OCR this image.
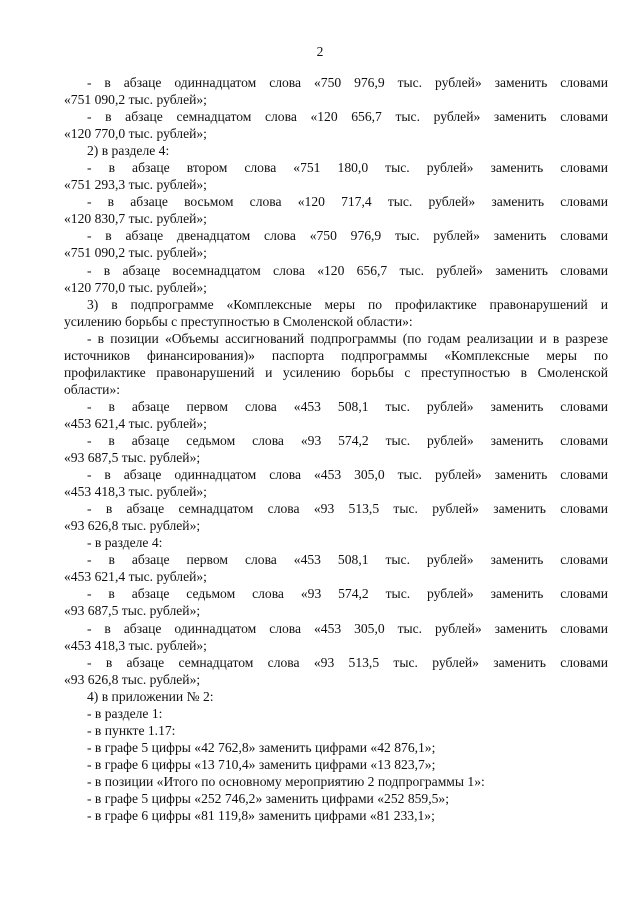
2

- в абзаце одиннадцатом слова «750 976,9 тыс. рублей» заменить словами

«751 090,2 тыс. рублей»;

- в абзаце семнадцатом слова «120 656,7 тыс. рублей» заменить словами

«120 770,0 тыс. рублей»;

2) в разделе 4:

- в абзаце втором слова «751 180,0 тыс. рублей» заменить словами

«751 293,3 тыс. рублей»;

- в абзаце восьмом слова «120 717,4 тыс. рублей» заменить словами

«120 830,7 тыс. рублей»;

- в абзаце двенадцатом слова «750 976,9 тыс. рублей» заменить словами

«751 090,2 тыс. рублей»;

- в абзаце восемнадцатом слова «120 656,7 тыс. рублей» заменить словами

«120 770,0 тыс. рублей»;

3) в подпрограмме «Комплексные меры по профилактике правонарушений и

усилению борьбы с преступностью в Смоленской области»:

- в позиции «Объемы ассигнований подпрограммы (по годам реализации и в разрезе источников финансирования)» паспорта подпрограммы «Комплексные меры по профилактике правонарушений и усилению борьбы с преступностью в Смоленской области»:

- в абзаце первом слова «453 508,1 тыс. рублей» заменить словами

«453 621,4 тыс. рублей»;

- в абзаце седьмом слова «93 574,2 тыс. рублей» заменить словами

«93 687,5 тыс. рублей»;

- в абзаце одиннадцатом слова «453 305,0 тыс. рублей» заменить словами

«453 418,3 тыс. рублей»;

- в абзаце семнадцатом слова «93 513,5 тыс. рублей» заменить словами

«93 626,8 тыс. рублей»;

- в разделе 4:

- в абзаце первом слова «453 508,1 тыс. рублей» заменить словами

«453 621,4 тыс. рублей»;

- в абзаце седьмом слова «93 574,2 тыс. рублей» заменить словами

«93 687,5 тыс. рублей»;

- в абзаце одиннадцатом слова «453 305,0 тыс. рублей» заменить словами

«453 418,3 тыс. рублей»;

- в абзаце семнадцатом слова «93 513,5 тыс. рублей» заменить словами

«93 626,8 тыс. рублей»;

4) в приложении № 2:

- в разделе 1:

- в пункте 1.17:

- в графе 5 цифры «42 762,8» заменить цифрами «42 876,1»;

- в графе 6 цифры «13 710,4» заменить цифрами «13 823,7»;

- в позиции «Итого по основному мероприятию 2 подпрограммы 1»:

- в графе 5 цифры «252 746,2» заменить цифрами «252 859,5»;

- в графе 6 цифры «81 119,8» заменить цифрами «81 233,1»;
